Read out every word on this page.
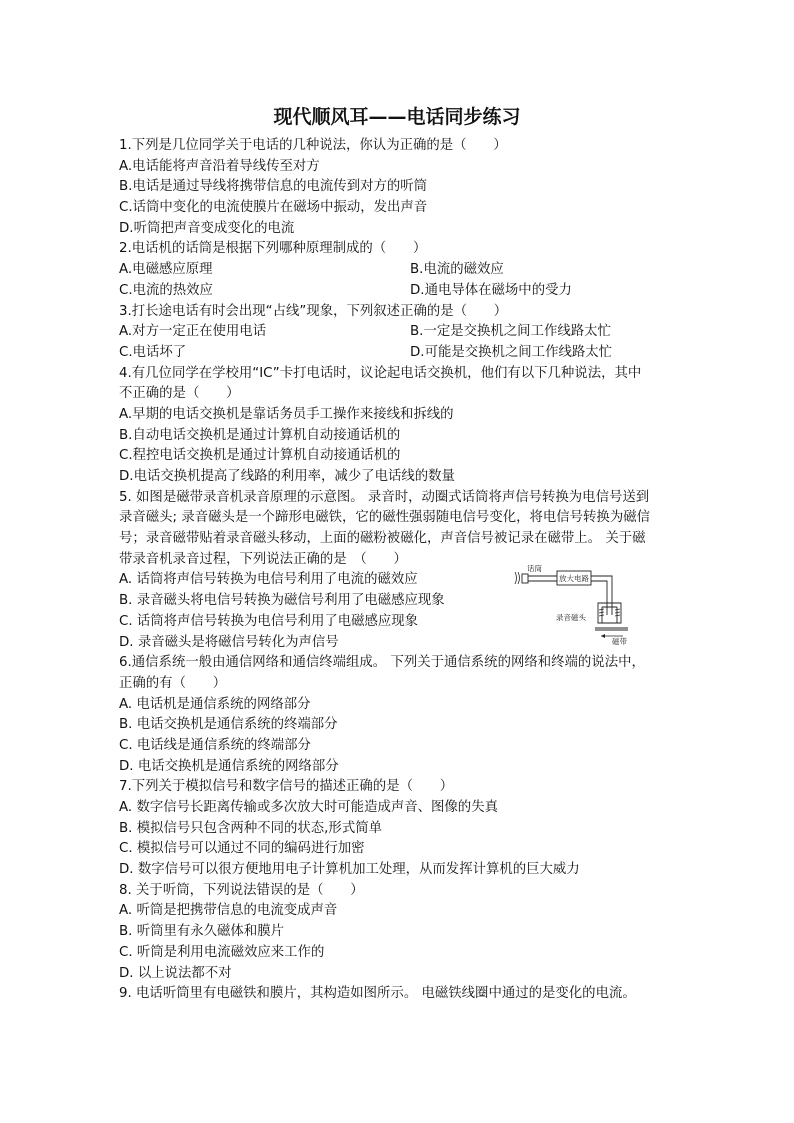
现代顺风耳——电话同步练习
1.下列是几位同学关于电话的几种说法，你认为正确的是（　　）
A.电话能将声音沿着导线传至对方
B.电话是通过导线将携带信息的电流传到对方的听筒
C.话筒中变化的电流使膜片在磁场中振动，发出声音
D.听筒把声音变成变化的电流
2.电话机的话筒是根据下列哪种原理制成的（　　）
A.电磁感应原理	B.电流的磁效应
C.电流的热效应	D.通电导体在磁场中的受力
3.打长途电话有时会出现“占线”现象，下列叙述正确的是（　　）
A.对方一定正在使用电话	B.一定是交换机之间工作线路太忙
C.电话坏了	D.可能是交换机之间工作线路太忙
4.有几位同学在学校用“IC”卡打电话时，议论起电话交换机，他们有以下几种说法，其中
不正确的是（　　）
A.早期的电话交换机是靠话务员手工操作来接线和拆线的
B.自动电话交换机是通过计算机自动接通话机的
C.程控电话交换机是通过计算机自动接通话机的
D.电话交换机提高了线路的利用率，减少了电话线的数量
5. 如图是磁带录音机录音原理的示意图。 录音时，动圈式话筒将声信号转换为电信号送到
录音磁头; 录音磁头是一个蹄形电磁铁，它的磁性强弱随电信号变化，将电信号转换为磁信
号；录音磁带贴着录音磁头移动，上面的磁粉被磁化，声音信号被记录在磁带上。 关于磁
带录音机录音过程，下列说法正确的是　（　　）
A. 话筒将声信号转换为电信号利用了电流的磁效应
B. 录音磁头将电信号转换为磁信号利用了电磁感应现象
C. 话筒将声信号转换为电信号利用了电磁感应现象
D. 录音磁头是将磁信号转化为声信号
6.通信系统一般由通信网络和通信终端组成。 下列关于通信系统的网络和终端的说法中，
正确的有（　　）
A. 电话机是通信系统的网络部分
B. 电话交换机是通信系统的终端部分
C. 电话线是通信系统的终端部分
D. 电话交换机是通信系统的网络部分
7.下列关于模拟信号和数字信号的描述正确的是（　　）
A. 数字信号长距离传输或多次放大时可能造成声音、图像的失真
B. 模拟信号只包含两种不同的状态,形式简单
C. 模拟信号可以通过不同的编码进行加密
D. 数字信号可以很方便地用电子计算机加工处理，从而发挥计算机的巨大威力
8. 关于听筒，下列说法错误的是（　　）
A. 听筒是把携带信息的电流变成声音
B. 听筒里有永久磁体和膜片
C. 听筒是利用电流磁效应来工作的
D. 以上说法都不对
9. 电话听筒里有电磁铁和膜片，其构造如图所示。 电磁铁线圈中通过的是变化的电流。
话筒
放大电路
录音磁头
磁带
